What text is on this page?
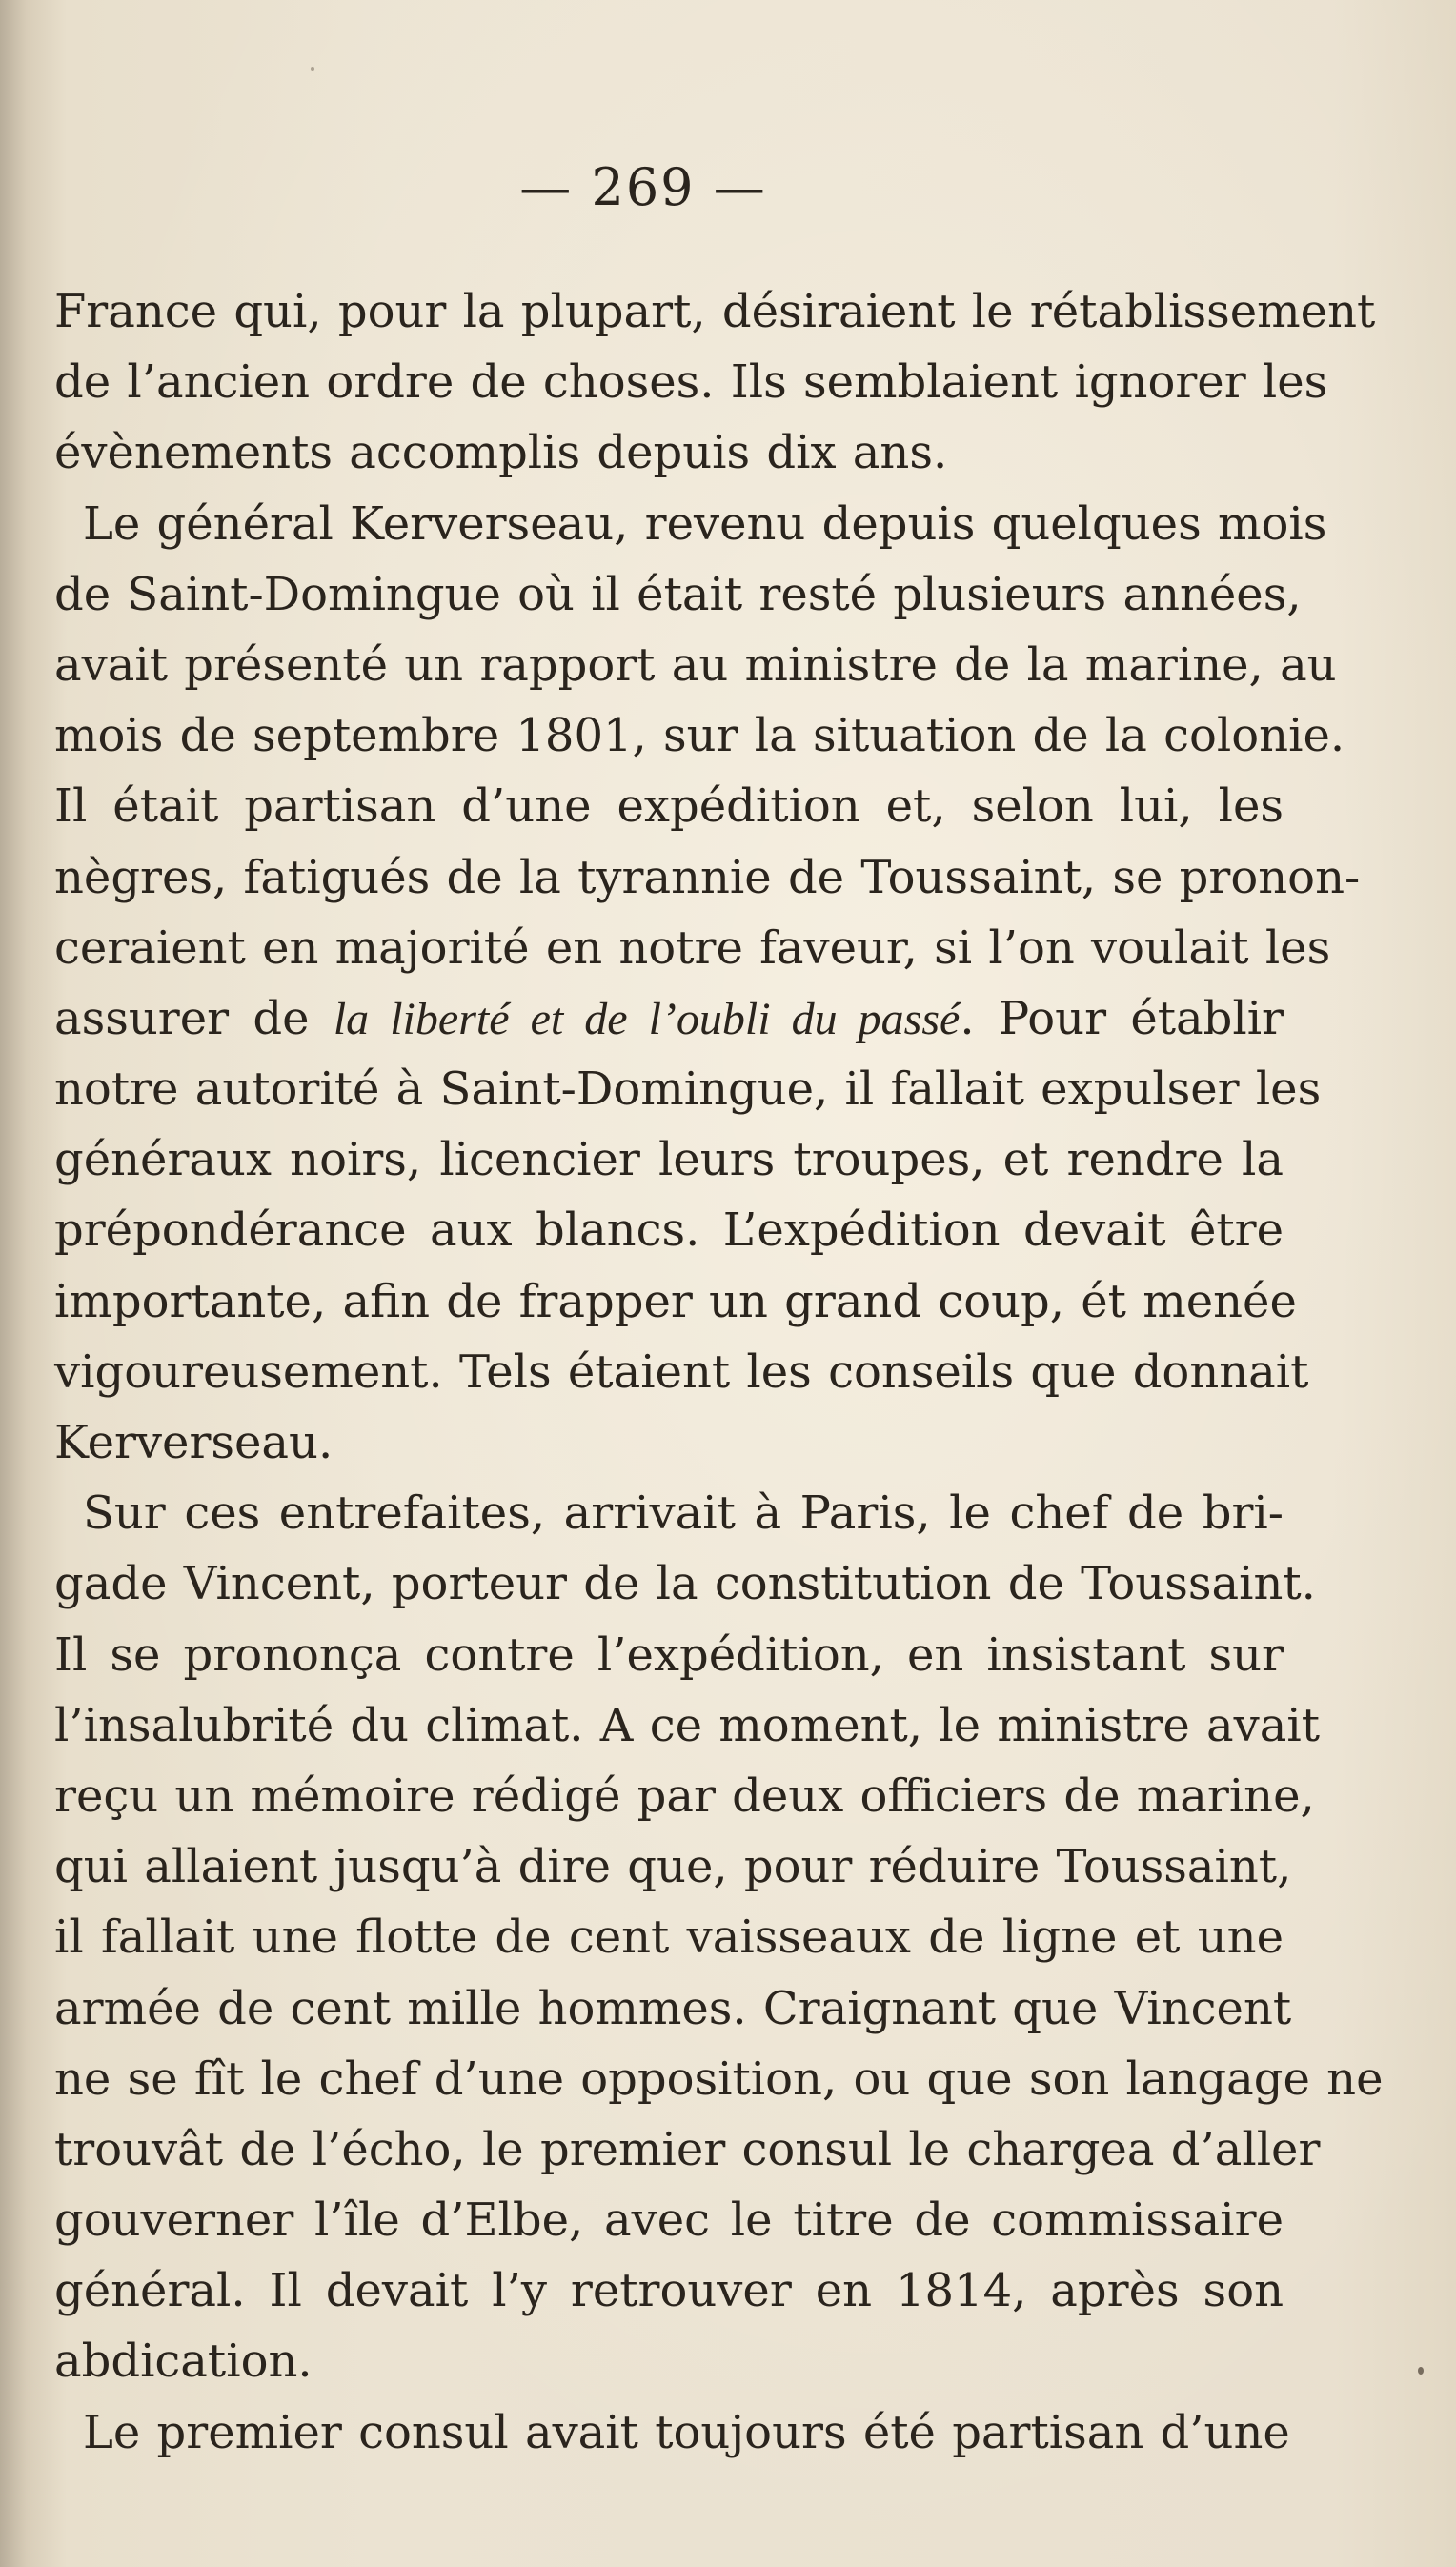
— 269 —
France qui, pour la plupart, désiraient le rétablissement
de l’ancien ordre de choses. Ils semblaient ignorer les
évènements accomplis depuis dix ans.
Le général Kerverseau, revenu depuis quelques mois
de Saint-Domingue où il était resté plusieurs années,
avait présenté un rapport au ministre de la marine, au
mois de septembre 1801, sur la situation de la colonie.
Il était partisan d’une expédition et, selon lui, les
nègres, fatigués de la tyrannie de Toussaint, se pronon-
ceraient en majorité en notre faveur, si l’on voulait les
assurer de la liberté et de l’oubli du passé. Pour établir
notre autorité à Saint-Domingue, il fallait expulser les
généraux noirs, licencier leurs troupes, et rendre la
prépondérance aux blancs. L’expédition devait être
importante, afin de frapper un grand coup, ét menée
vigoureusement. Tels étaient les conseils que donnait
Kerverseau.
Sur ces entrefaites, arrivait à Paris, le chef de bri-
gade Vincent, porteur de la constitution de Toussaint.
Il se prononça contre l’expédition, en insistant sur
l’insalubrité du climat. A ce moment, le ministre avait
reçu un mémoire rédigé par deux officiers de marine,
qui allaient jusqu’à dire que, pour réduire Toussaint,
il fallait une flotte de cent vaisseaux de ligne et une
armée de cent mille hommes. Craignant que Vincent
ne se fît le chef d’une opposition, ou que son langage ne
trouvât de l’écho, le premier consul le chargea d’aller
gouverner l’île d’Elbe, avec le titre de commissaire
général. Il devait l’y retrouver en 1814, après son
abdication.
Le premier consul avait toujours été partisan d’une
